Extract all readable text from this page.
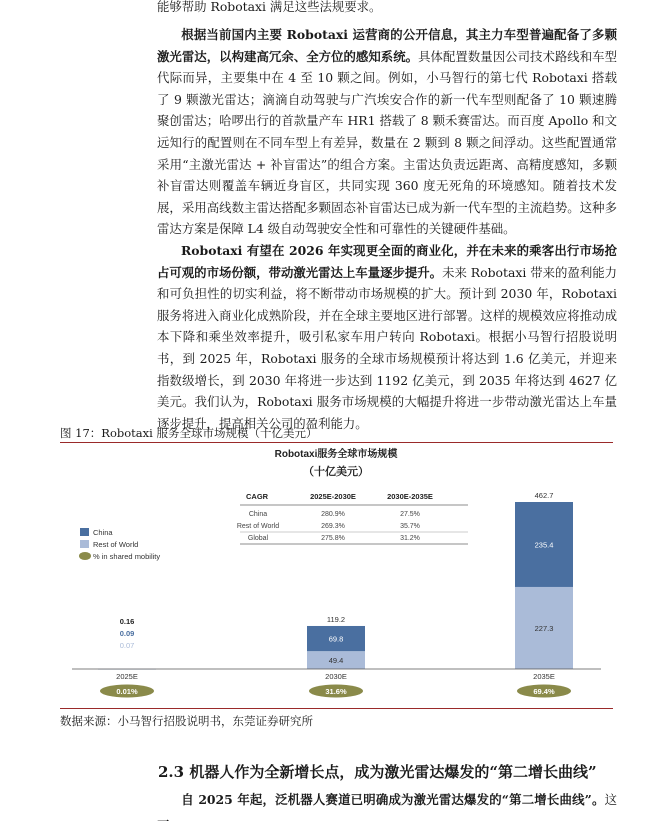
能够帮助 Robotaxi 满足这些法规要求。

根据当前国内主要 Robotaxi 运营商的公开信息，其主力车型普遍配备了多颗激光雷达，以构建高冗余、全方位的感知系统。具体配置数量因公司技术路线和车型代际而异，主要集中在 4 至 10 颗之间。例如，小马智行的第七代 Robotaxi 搭载了 9 颗激光雷达；滴滴自动驾驶与广汽埃安合作的新一代车型则配备了 10 颗速腾聚创雷达；哈啰出行的首款量产车 HR1 搭载了 8 颗禾赛雷达。而百度 Apollo 和文远知行的配置则在不同车型上有差异，数量在 2 颗到 8 颗之间浮动。这些配置通常采用“主激光雷达 + 补盲雷达”的组合方案。主雷达负责远距离、高精度感知，多颗补盲雷达则覆盖车辆近身盲区，共同实现 360 度无死角的环境感知。随着技术发展，采用高线数主雷达搭配多颗固态补盲雷达已成为新一代车型的主流趋势。这种多雷达方案是保障 L4 级自动驾驶安全性和可靠性的关键硬件基础。

Robotaxi 有望在 2026 年实现更全面的商业化，并在未来的乘客出行市场抢占可观的市场份额，带动激光雷达上车量逐步提升。未来 Robotaxi 带来的盈利能力和可负担性的切实利益，将不断带动市场规模的扩大。预计到 2030 年，Robotaxi 服务将进入商业化成熟阶段，并在全球主要地区进行部署。这样的规模效应将推动成本下降和乘坐效率提升，吸引私家车用户转向 Robotaxi。根据小马智行招股说明书，到 2025 年，Robotaxi 服务的全球市场规模预计将达到 1.6 亿美元，并迎来指数级增长，到 2030 年将进一步达到 1192 亿美元，到 2035 年将达到 4627 亿美元。我们认为，Robotaxi 服务市场规模的大幅提升将进一步带动激光雷达上车量逐步提升，提高相关公司的盈利能力。

图 17：Robotaxi 服务全球市场规模（十亿美元）
Robotaxi服务全球市场规模
（十亿美元）
CAGR	2025E-2030E	2030E-2035E
China	280.9%	27.5%
Rest of World	269.3%	35.7%
Global	275.8%	31.2%
China
Rest of World
% in shared mobility
0.16
0.09
0.07
119.2
69.8
49.4
462.7
235.4
227.3
2025E
0.01%
2030E
31.6%
2035E
69.4%
数据来源：小马智行招股说明书，东莞证券研究所
2.3 机器人作为全新增长点，成为激光雷达爆发的“第二增长曲线”

自 2025 年起，泛机器人赛道已明确成为激光雷达爆发的“第二增长曲线”。这一
